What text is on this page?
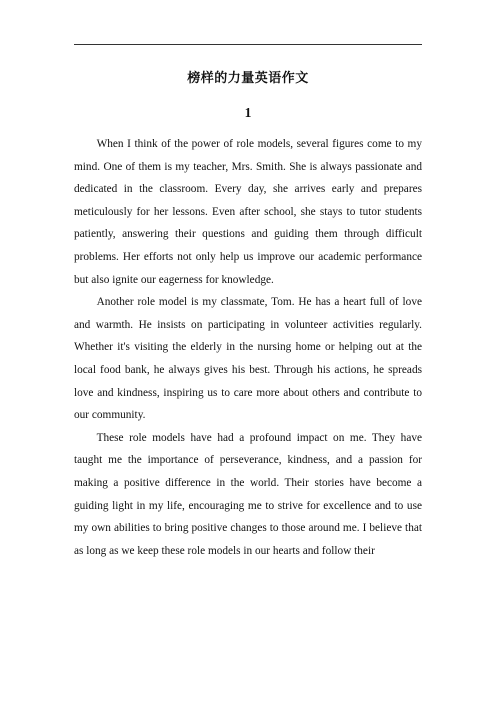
榜样的力量英语作文
1

When I think of the power of role models, several figures come to my mind. One of them is my teacher, Mrs. Smith. She is always passionate and dedicated in the classroom. Every day, she arrives early and prepares meticulously for her lessons. Even after school, she stays to tutor students patiently, answering their questions and guiding them through difficult problems. Her efforts not only help us improve our academic performance but also ignite our eagerness for knowledge.

Another role model is my classmate, Tom. He has a heart full of love and warmth. He insists on participating in volunteer activities regularly. Whether it's visiting the elderly in the nursing home or helping out at the local food bank, he always gives his best. Through his actions, he spreads love and kindness, inspiring us to care more about others and contribute to our community.

These role models have had a profound impact on me. They have taught me the importance of perseverance, kindness, and a passion for making a positive difference in the world. Their stories have become a guiding light in my life, encouraging me to strive for excellence and to use my own abilities to bring positive changes to those around me. I believe that as long as we keep these role models in our hearts and follow their
